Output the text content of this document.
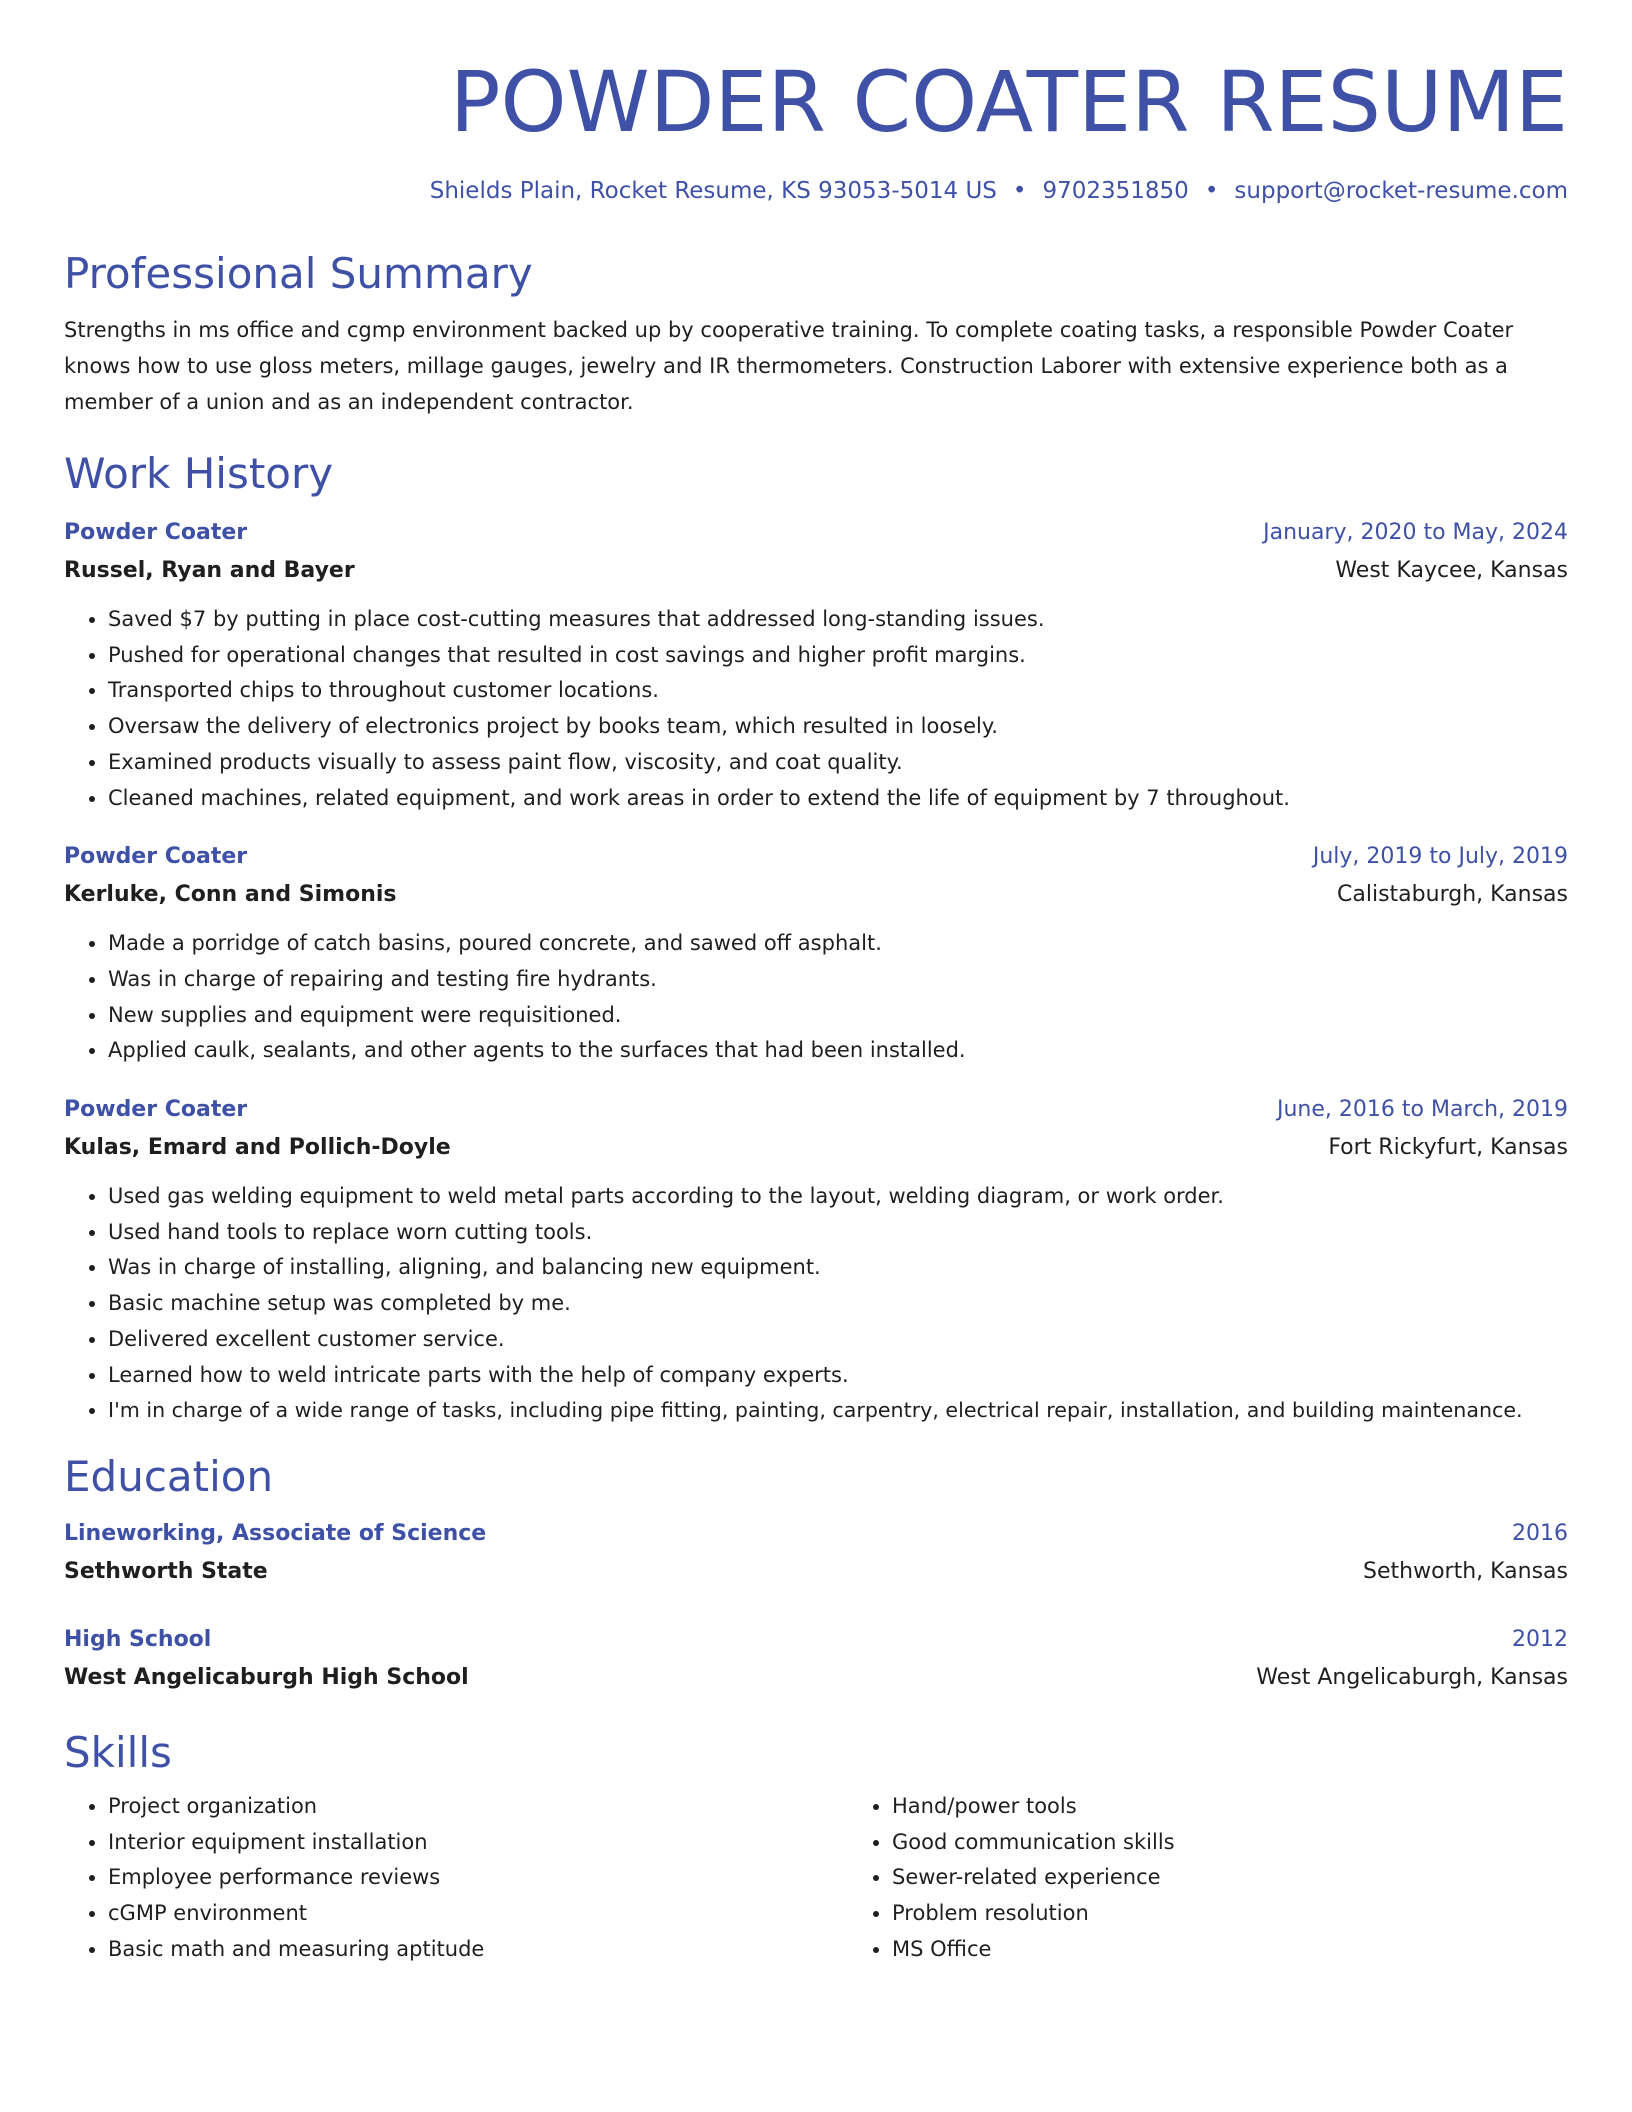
POWDER COATER RESUME
Shields Plain, Rocket Resume, KS 93053-5014 US • 9702351850 • support@rocket-resume.com
Professional Summary
Strengths in ms office and cgmp environment backed up by cooperative training. To complete coating tasks, a responsible Powder Coater knows how to use gloss meters, millage gauges, jewelry and IR thermometers. Construction Laborer with extensive experience both as a member of a union and as an independent contractor.
Work History
Powder Coater	January, 2020 to May, 2024
Russel, Ryan and Bayer	West Kaycee, Kansas
• Saved $7 by putting in place cost-cutting measures that addressed long-standing issues.
• Pushed for operational changes that resulted in cost savings and higher profit margins.
• Transported chips to throughout customer locations.
• Oversaw the delivery of electronics project by books team, which resulted in loosely.
• Examined products visually to assess paint flow, viscosity, and coat quality.
• Cleaned machines, related equipment, and work areas in order to extend the life of equipment by 7 throughout.
Powder Coater	July, 2019 to July, 2019
Kerluke, Conn and Simonis	Calistaburgh, Kansas
• Made a porridge of catch basins, poured concrete, and sawed off asphalt.
• Was in charge of repairing and testing fire hydrants.
• New supplies and equipment were requisitioned.
• Applied caulk, sealants, and other agents to the surfaces that had been installed.
Powder Coater	June, 2016 to March, 2019
Kulas, Emard and Pollich-Doyle	Fort Rickyfurt, Kansas
• Used gas welding equipment to weld metal parts according to the layout, welding diagram, or work order.
• Used hand tools to replace worn cutting tools.
• Was in charge of installing, aligning, and balancing new equipment.
• Basic machine setup was completed by me.
• Delivered excellent customer service.
• Learned how to weld intricate parts with the help of company experts.
• I'm in charge of a wide range of tasks, including pipe fitting, painting, carpentry, electrical repair, installation, and building maintenance.
Education
Lineworking, Associate of Science	2016
Sethworth State	Sethworth, Kansas
High School	2012
West Angelicaburgh High School	West Angelicaburgh, Kansas
Skills
• Project organization
• Interior equipment installation
• Employee performance reviews
• cGMP environment
• Basic math and measuring aptitude
• Hand/power tools
• Good communication skills
• Sewer-related experience
• Problem resolution
• MS Office
